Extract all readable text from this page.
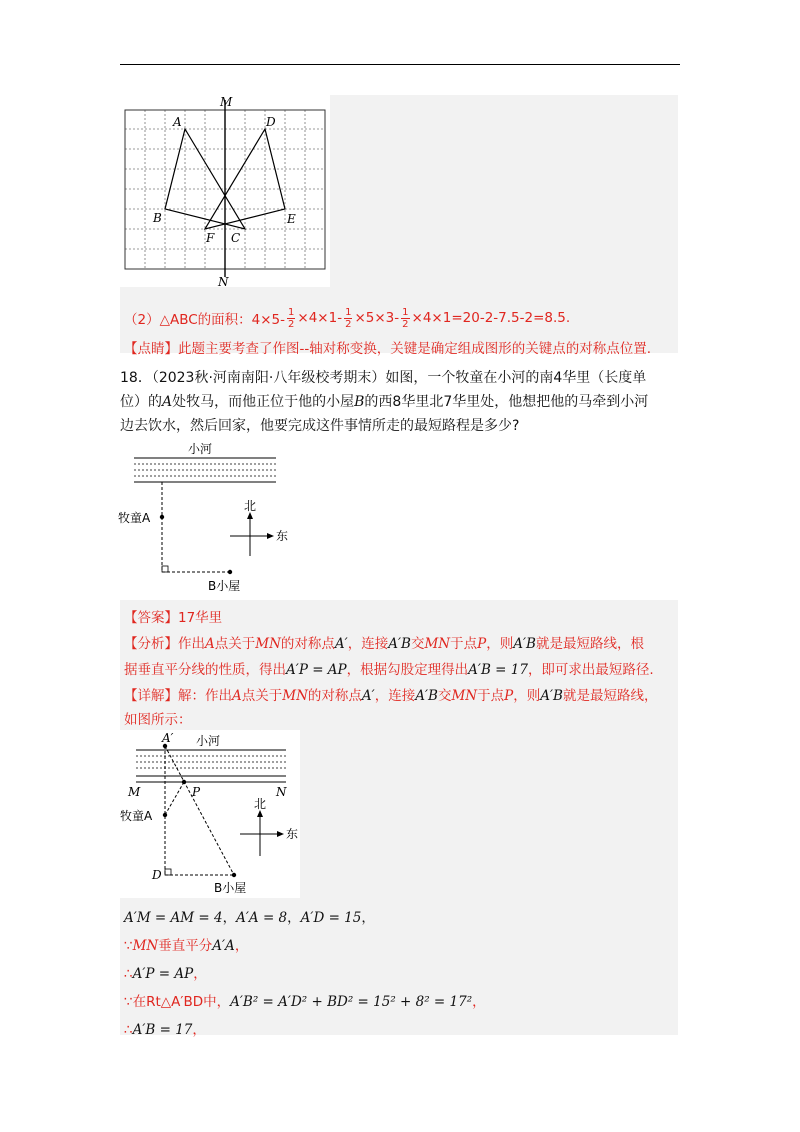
M
N
A	D
B	E
F C
（2）△ABC的面积：$4\times 5- \frac{1}{2} \times 4\times 1- \frac{1}{2} \times 5\times 3- \frac{1}{2} \times 4\times 1=20-2-7.5-2=8.5$.
【点睛】此题主要考查了作图--轴对称变换，关键是确定组成图形的关键点的对称点位置.
18．（2023秋·河南南阳·八年级校考期末）如图，一个牧童在小河的南4华里（长度单
位）的A处牧马，而他正位于他的小屋B的西8华里北7华里处，他想把他的马牵到小河
边去饮水，然后回家，他要完成这件事情所走的最短路程是多少?
小河
牧童A
北
东
B小屋
【答案】17华里
【分析】作出A点关于MN的对称点A′，连接A′B交MN于点P，则A′B就是最短路线，根
据垂直平分线的性质，得出A′P = AP，根据勾股定理得出A′B = 17，即可求出最短路径.
【详解】解：作出A点关于MN的对称点A′，连接A′B交MN于点P，则A′B就是最短路线，
如图所示：
A′ 小河
M	P	N
牧童A
北
东
D
B小屋
A′M = AM = 4，A′A = 8，A′D = 15，
∵MN垂直平分A′A，
∴A′P = AP，
∵在Rt△A′BD中，A′B² = A′D² + BD² = 15² + 8² = 17²，
∴A′B = 17，
